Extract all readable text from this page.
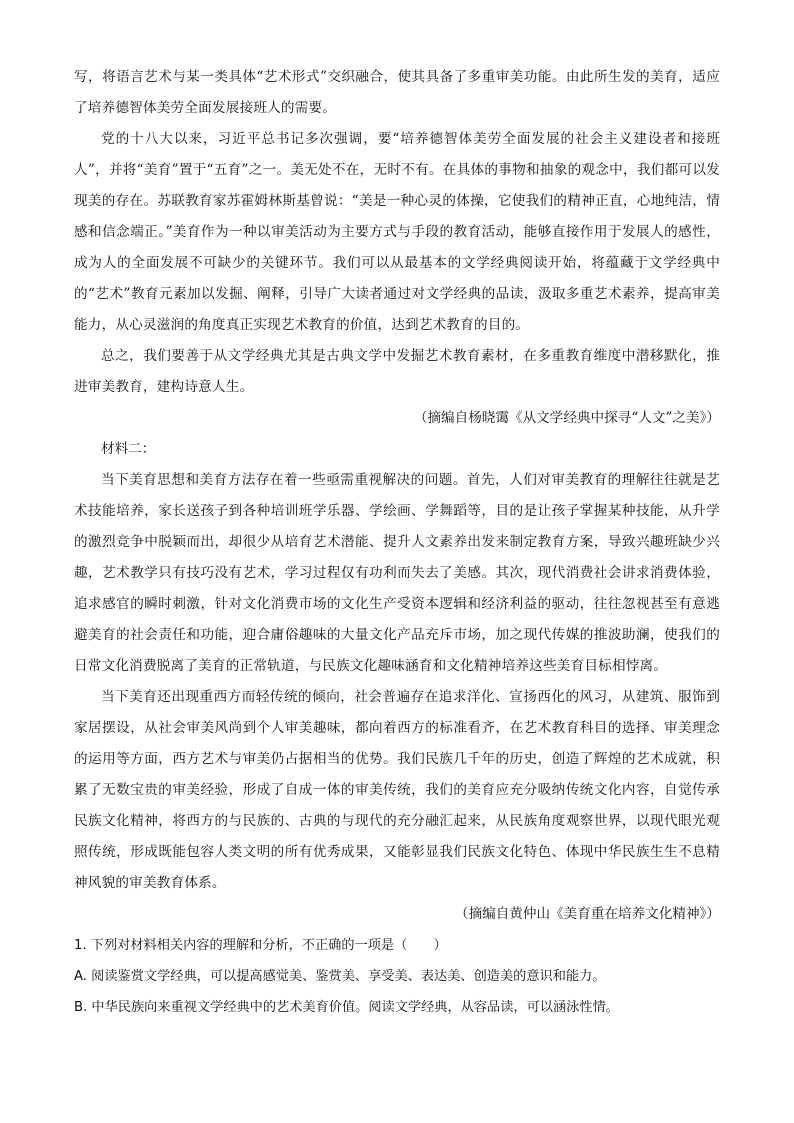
写，将语言艺术与某一类具体“艺术形式”交织融合，使其具备了多重审美功能。由此所生发的美育，适应了培养德智体美劳全面发展接班人的需要。

党的十八大以来，习近平总书记多次强调，要“培养德智体美劳全面发展的社会主义建设者和接班人”，并将“美育”置于“五育”之一。美无处不在，无时不有。在具体的事物和抽象的观念中，我们都可以发现美的存在。苏联教育家苏霍姆林斯基曾说：“美是一种心灵的体操，它使我们的精神正直，心地纯洁，情感和信念端正。”美育作为一种以审美活动为主要方式与手段的教育活动，能够直接作用于发展人的感性，成为人的全面发展不可缺少的关键环节。我们可以从最基本的文学经典阅读开始，将蕴藏于文学经典中的“艺术”教育元素加以发掘、阐释，引导广大读者通过对文学经典的品读，汲取多重艺术素养，提高审美能力，从心灵滋润的角度真正实现艺术教育的价值，达到艺术教育的目的。

总之，我们要善于从文学经典尤其是古典文学中发掘艺术教育素材，在多重教育维度中潜移默化，推进审美教育，建构诗意人生。

（摘编自杨晓霭《从文学经典中探寻“人文”之美》）

材料二：

当下美育思想和美育方法存在着一些亟需重视解决的问题。首先，人们对审美教育的理解往往就是艺术技能培养，家长送孩子到各种培训班学乐器、学绘画、学舞蹈等，目的是让孩子掌握某种技能，从升学的激烈竞争中脱颖而出，却很少从培育艺术潜能、提升人文素养出发来制定教育方案，导致兴趣班缺少兴趣，艺术教学只有技巧没有艺术，学习过程仅有功利而失去了美感。其次，现代消费社会讲求消费体验，追求感官的瞬时刺激，针对文化消费市场的文化生产受资本逻辑和经济利益的驱动，往往忽视甚至有意逃避美育的社会责任和功能，迎合庸俗趣味的大量文化产品充斥市场，加之现代传媒的推波助澜，使我们的日常文化消费脱离了美育的正常轨道，与民族文化趣味涵育和文化精神培养这些美育目标相悖离。

当下美育还出现重西方而轻传统的倾向，社会普遍存在追求洋化、宣扬西化的风习，从建筑、服饰到家居摆设，从社会审美风尚到个人审美趣味，都向着西方的标准看齐，在艺术教育科目的选择、审美理念的运用等方面，西方艺术与审美仍占据相当的优势。我们民族几千年的历史，创造了辉煌的艺术成就，积累了无数宝贵的审美经验，形成了自成一体的审美传统，我们的美育应充分吸纳传统文化内容，自觉传承民族文化精神，将西方的与民族的、古典的与现代的充分融汇起来，从民族角度观察世界，以现代眼光观照传统，形成既能包容人类文明的所有优秀成果，又能彰显我们民族文化特色、体现中华民族生生不息精神风貌的审美教育体系。

（摘编自黄仲山《美育重在培养文化精神》）

1. 下列对材料相关内容的理解和分析，不正确的一项是（　　）

A. 阅读鉴赏文学经典，可以提高感觉美、鉴赏美、享受美、表达美、创造美的意识和能力。

B. 中华民族向来重视文学经典中的艺术美育价值。阅读文学经典，从容品读，可以涵泳性情。
